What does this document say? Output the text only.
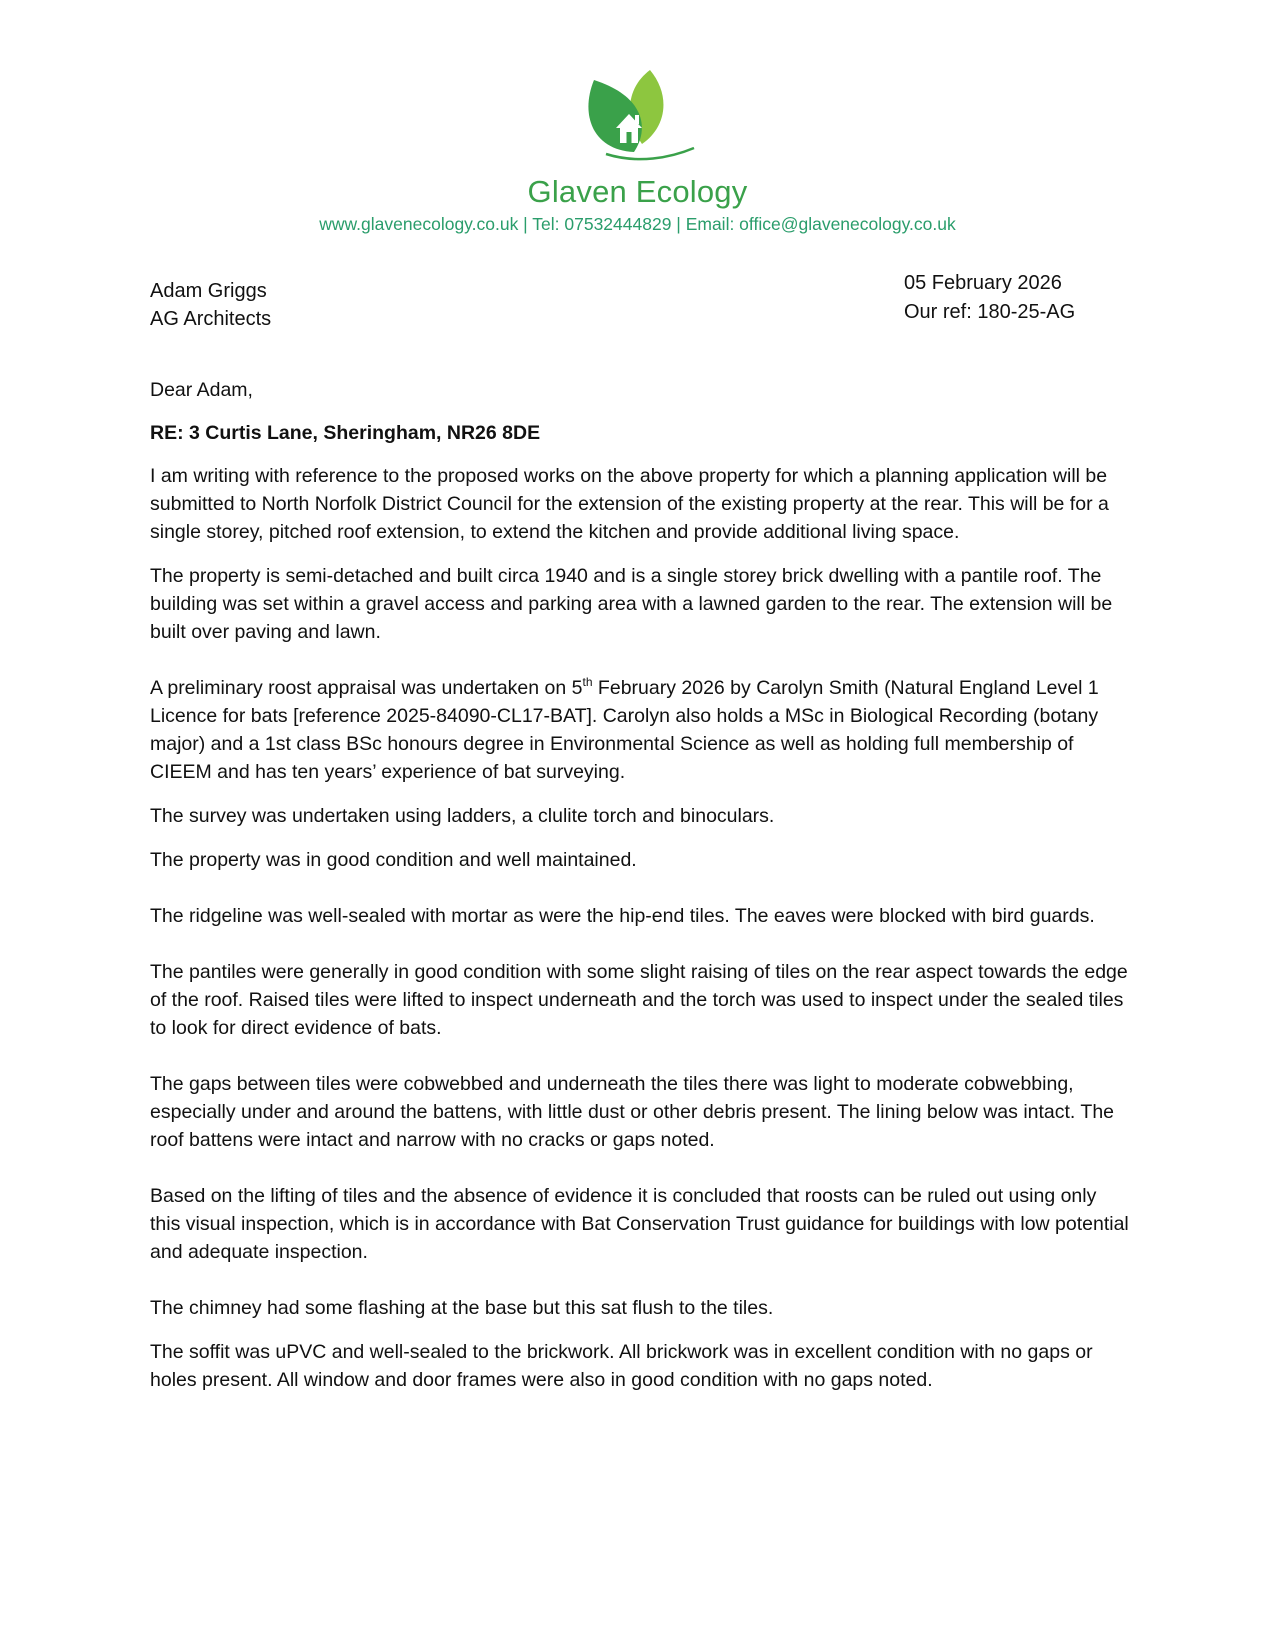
Glaven Ecology
www.glavenecology.co.uk | Tel: 07532444829 | Email: office@glavenecology.co.uk
Adam Griggs
AG Architects
05 February 2026
Our ref: 180-25-AG

Dear Adam,

RE: 3 Curtis Lane, Sheringham, NR26 8DE

I am writing with reference to the proposed works on the above property for which a planning application will be submitted to North Norfolk District Council for the extension of the existing property at the rear. This will be for a single storey, pitched roof extension, to extend the kitchen and provide additional living space.

The property is semi-detached and built circa 1940 and is a single storey brick dwelling with a pantile roof. The building was set within a gravel access and parking area with a lawned garden to the rear. The extension will be built over paving and lawn.

A preliminary roost appraisal was undertaken on 5th February 2026 by Carolyn Smith (Natural England Level 1 Licence for bats [reference 2025-84090-CL17-BAT]. Carolyn also holds a MSc in Biological Recording (botany major) and a 1st class BSc honours degree in Environmental Science as well as holding full membership of CIEEM and has ten years’ experience of bat surveying.

The survey was undertaken using ladders, a clulite torch and binoculars.

The property was in good condition and well maintained.

The ridgeline was well-sealed with mortar as were the hip-end tiles. The eaves were blocked with bird guards.

The pantiles were generally in good condition with some slight raising of tiles on the rear aspect towards the edge of the roof. Raised tiles were lifted to inspect underneath and the torch was used to inspect under the sealed tiles to look for direct evidence of bats.

The gaps between tiles were cobwebbed and underneath the tiles there was light to moderate cobwebbing, especially under and around the battens, with little dust or other debris present. The lining below was intact. The roof battens were intact and narrow with no cracks or gaps noted.

Based on the lifting of tiles and the absence of evidence it is concluded that roosts can be ruled out using only this visual inspection, which is in accordance with Bat Conservation Trust guidance for buildings with low potential and adequate inspection.

The chimney had some flashing at the base but this sat flush to the tiles.

The soffit was uPVC and well-sealed to the brickwork. All brickwork was in excellent condition with no gaps or holes present. All window and door frames were also in good condition with no gaps noted.
